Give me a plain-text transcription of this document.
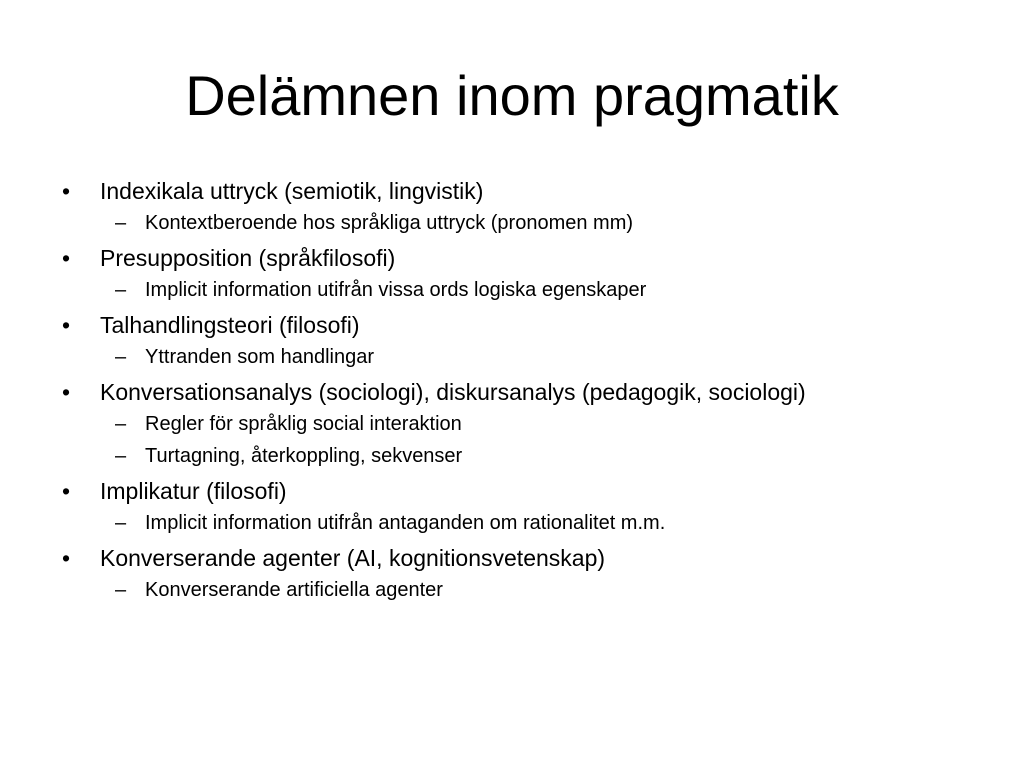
Delämnen inom pragmatik
• Indexikala uttryck (semiotik, lingvistik)
– Kontextberoende hos språkliga uttryck (pronomen mm)
• Presupposition (språkfilosofi)
– Implicit information utifrån vissa ords logiska egenskaper
• Talhandlingsteori (filosofi)
– Yttranden som handlingar
• Konversationsanalys (sociologi), diskursanalys (pedagogik, sociologi)
– Regler för språklig social interaktion
– Turtagning, återkoppling, sekvenser
• Implikatur (filosofi)
– Implicit information utifrån antaganden om rationalitet m.m.
• Konverserande agenter (AI, kognitionsvetenskap)
– Konverserande artificiella agenter
